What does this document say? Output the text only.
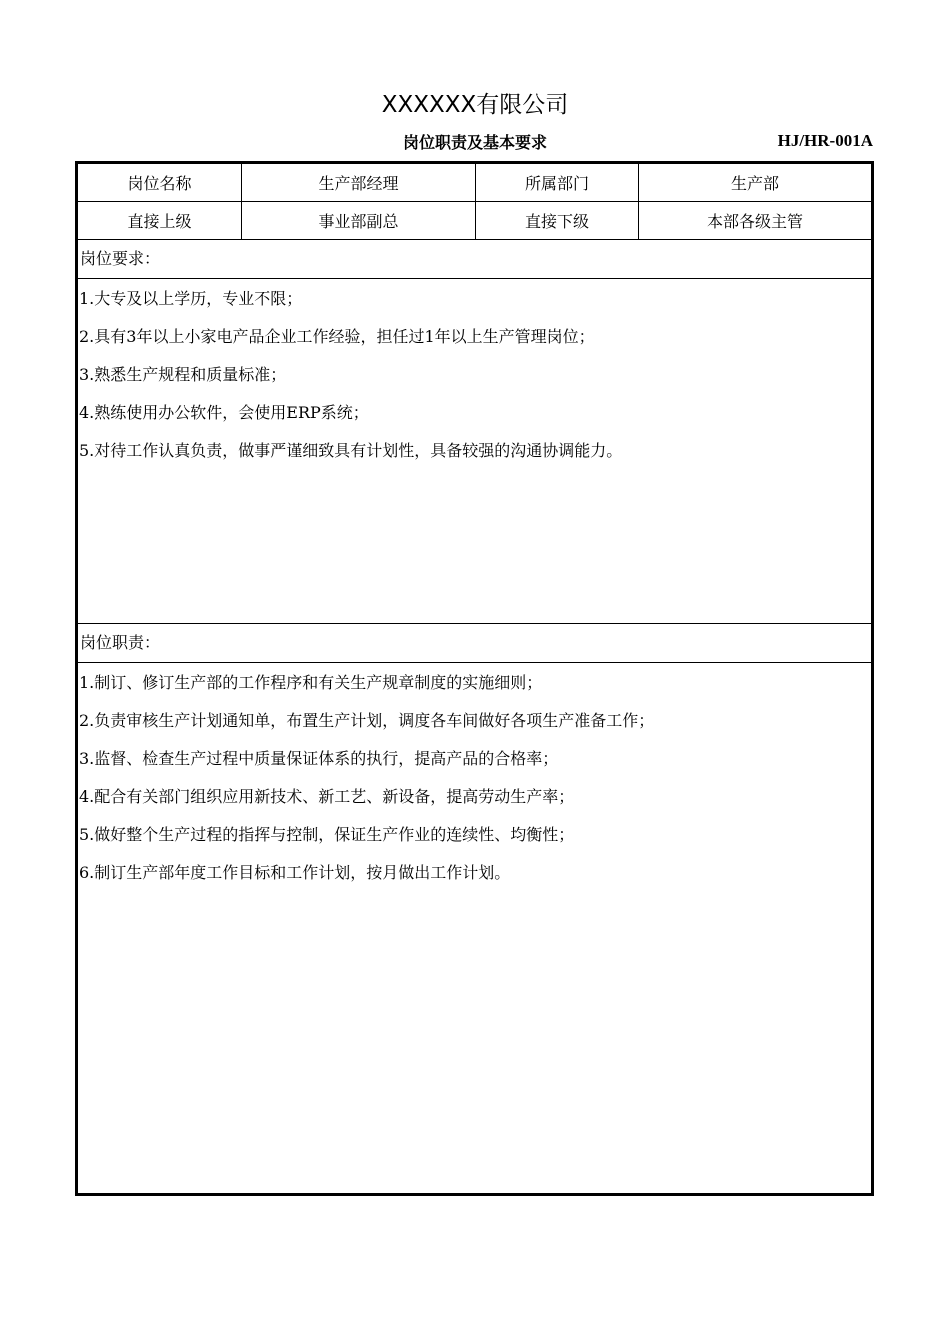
XXXXXX有限公司
岗位职责及基本要求	HJ/HR-001A
岗位名称	生产部经理	所属部门	生产部
直接上级	事业部副总	直接下级	本部各级主管
岗位要求：
1.大专及以上学历，专业不限；
2.具有3年以上小家电产品企业工作经验，担任过1年以上生产管理岗位；
3.熟悉生产规程和质量标准；
4.熟练使用办公软件，会使用ERP系统；
5.对待工作认真负责，做事严谨细致具有计划性，具备较强的沟通协调能力。
岗位职责：
1.制订、修订生产部的工作程序和有关生产规章制度的实施细则；
2.负责审核生产计划通知单，布置生产计划，调度各车间做好各项生产准备工作；
3.监督、检查生产过程中质量保证体系的执行，提高产品的合格率；
4.配合有关部门组织应用新技术、新工艺、新设备，提高劳动生产率；
5.做好整个生产过程的指挥与控制，保证生产作业的连续性、均衡性；
6.制订生产部年度工作目标和工作计划，按月做出工作计划。
